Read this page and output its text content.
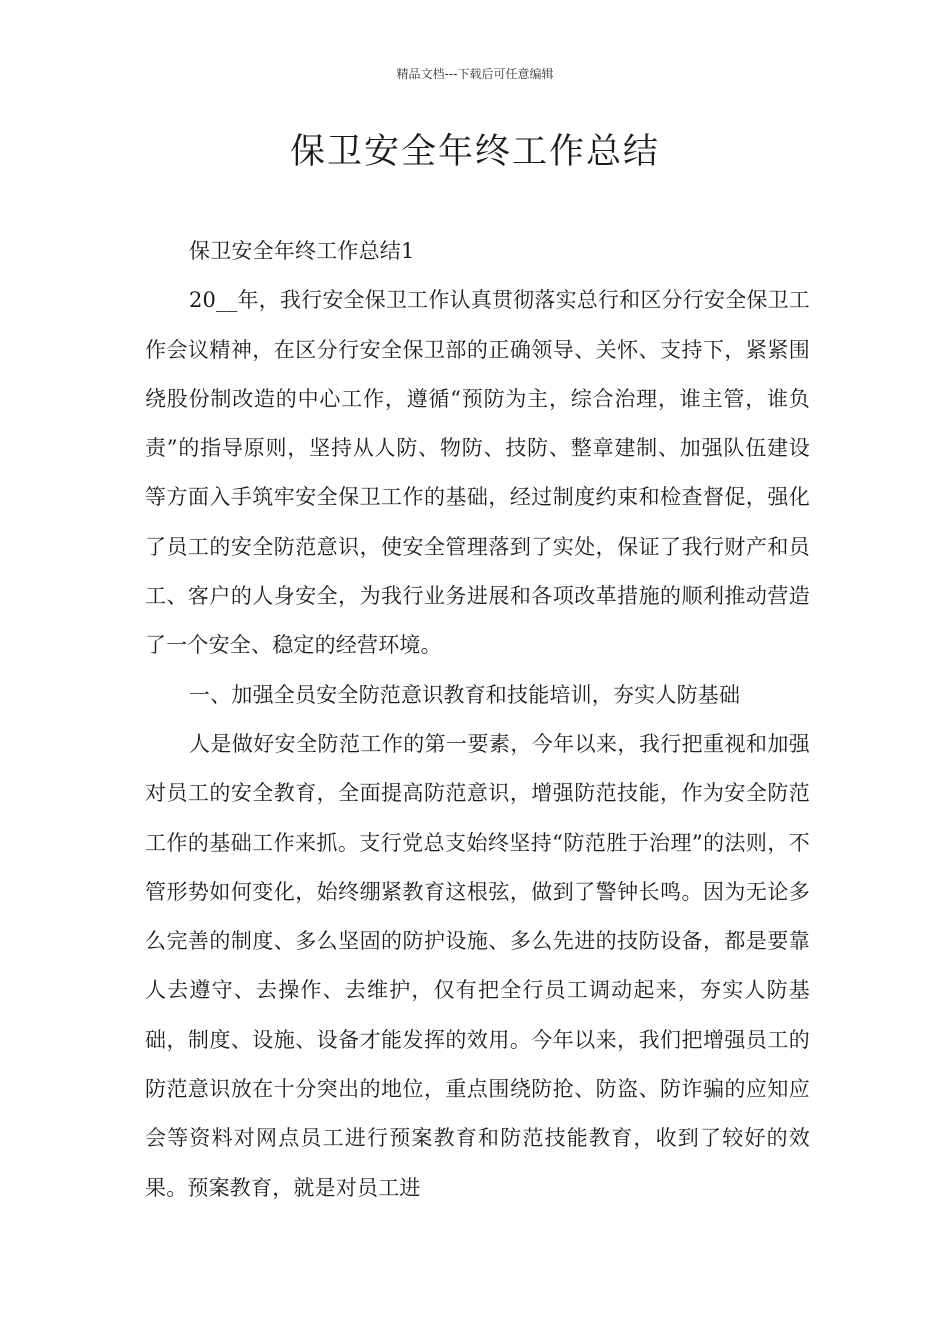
精品文档---下载后可任意编辑
保卫安全年终工作总结

保卫安全年终工作总结1

20__年，我行安全保卫工作认真贯彻落实总行和区分行安全保卫工作会议精神，在区分行安全保卫部的正确领导、关怀、支持下，紧紧围绕股份制改造的中心工作，遵循“预防为主，综合治理，谁主管，谁负责”的指导原则，坚持从人防、物防、技防、整章建制、加强队伍建设等方面入手筑牢安全保卫工作的基础，经过制度约束和检查督促，强化了员工的安全防范意识，使安全管理落到了实处，保证了我行财产和员工、客户的人身安全，为我行业务进展和各项改革措施的顺利推动营造了一个安全、稳定的经营环境。

一、加强全员安全防范意识教育和技能培训，夯实人防基础

人是做好安全防范工作的第一要素，今年以来，我行把重视和加强对员工的安全教育，全面提高防范意识，增强防范技能，作为安全防范工作的基础工作来抓。支行党总支始终坚持“防范胜于治理”的法则，不管形势如何变化，始终绷紧教育这根弦，做到了警钟长鸣。因为无论多么完善的制度、多么坚固的防护设施、多么先进的技防设备，都是要靠人去遵守、去操作、去维护，仅有把全行员工调动起来，夯实人防基础，制度、设施、设备才能发挥的效用。今年以来，我们把增强员工的防范意识放在十分突出的地位，重点围绕防抢、防盗、防诈骗的应知应会等资料对网点员工进行预案教育和防范技能教育，收到了较好的效果。预案教育，就是对员工进
